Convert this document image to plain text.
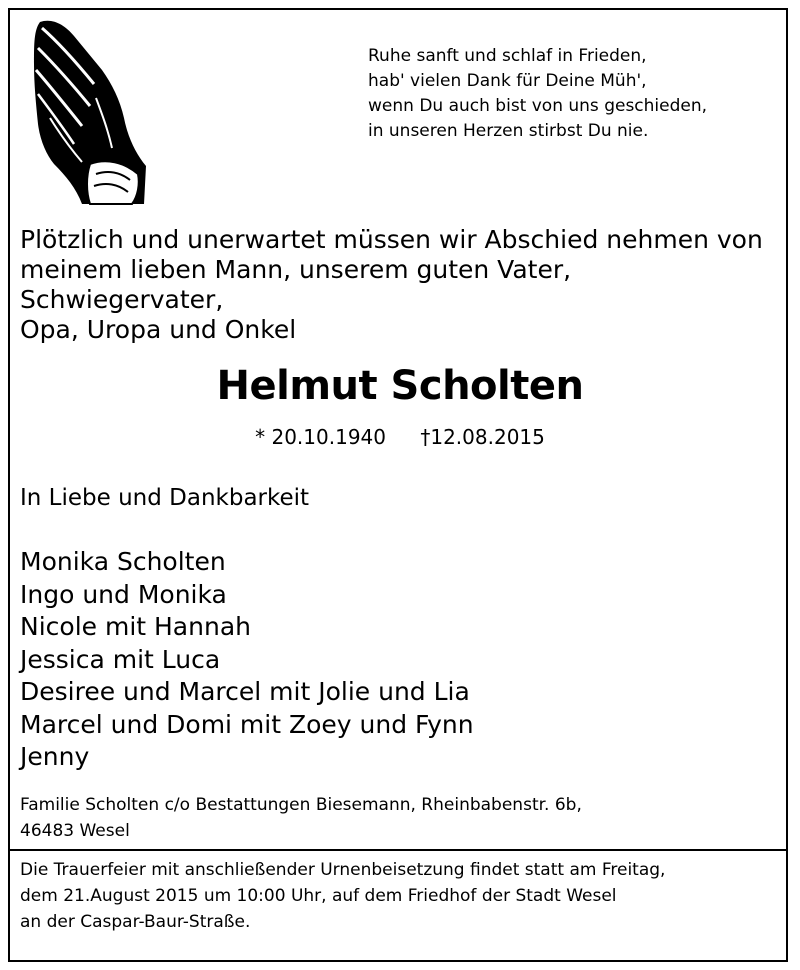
Ruhe sanft und schlaf in Frieden,
hab' vielen Dank für Deine Müh',
wenn Du auch bist von uns geschieden,
in unseren Herzen stirbst Du nie.
Plötzlich und unerwartet müssen wir Abschied nehmen von
meinem lieben Mann, unserem guten Vater,
Schwiegervater,
Opa, Uropa und Onkel
Helmut Scholten
* 20.10.1940 †12.08.2015
In Liebe und Dankbarkeit
Monika Scholten
Ingo und Monika
Nicole mit Hannah
Jessica mit Luca
Desiree und Marcel mit Jolie und Lia
Marcel und Domi mit Zoey und Fynn
Jenny
Familie Scholten c/o Bestattungen Biesemann, Rheinbabenstr. 6b,
46483 Wesel
Die Trauerfeier mit anschließender Urnenbeisetzung findet statt am Freitag,
dem 21.August 2015 um 10:00 Uhr, auf dem Friedhof der Stadt Wesel
an der Caspar-Baur-Straße.
